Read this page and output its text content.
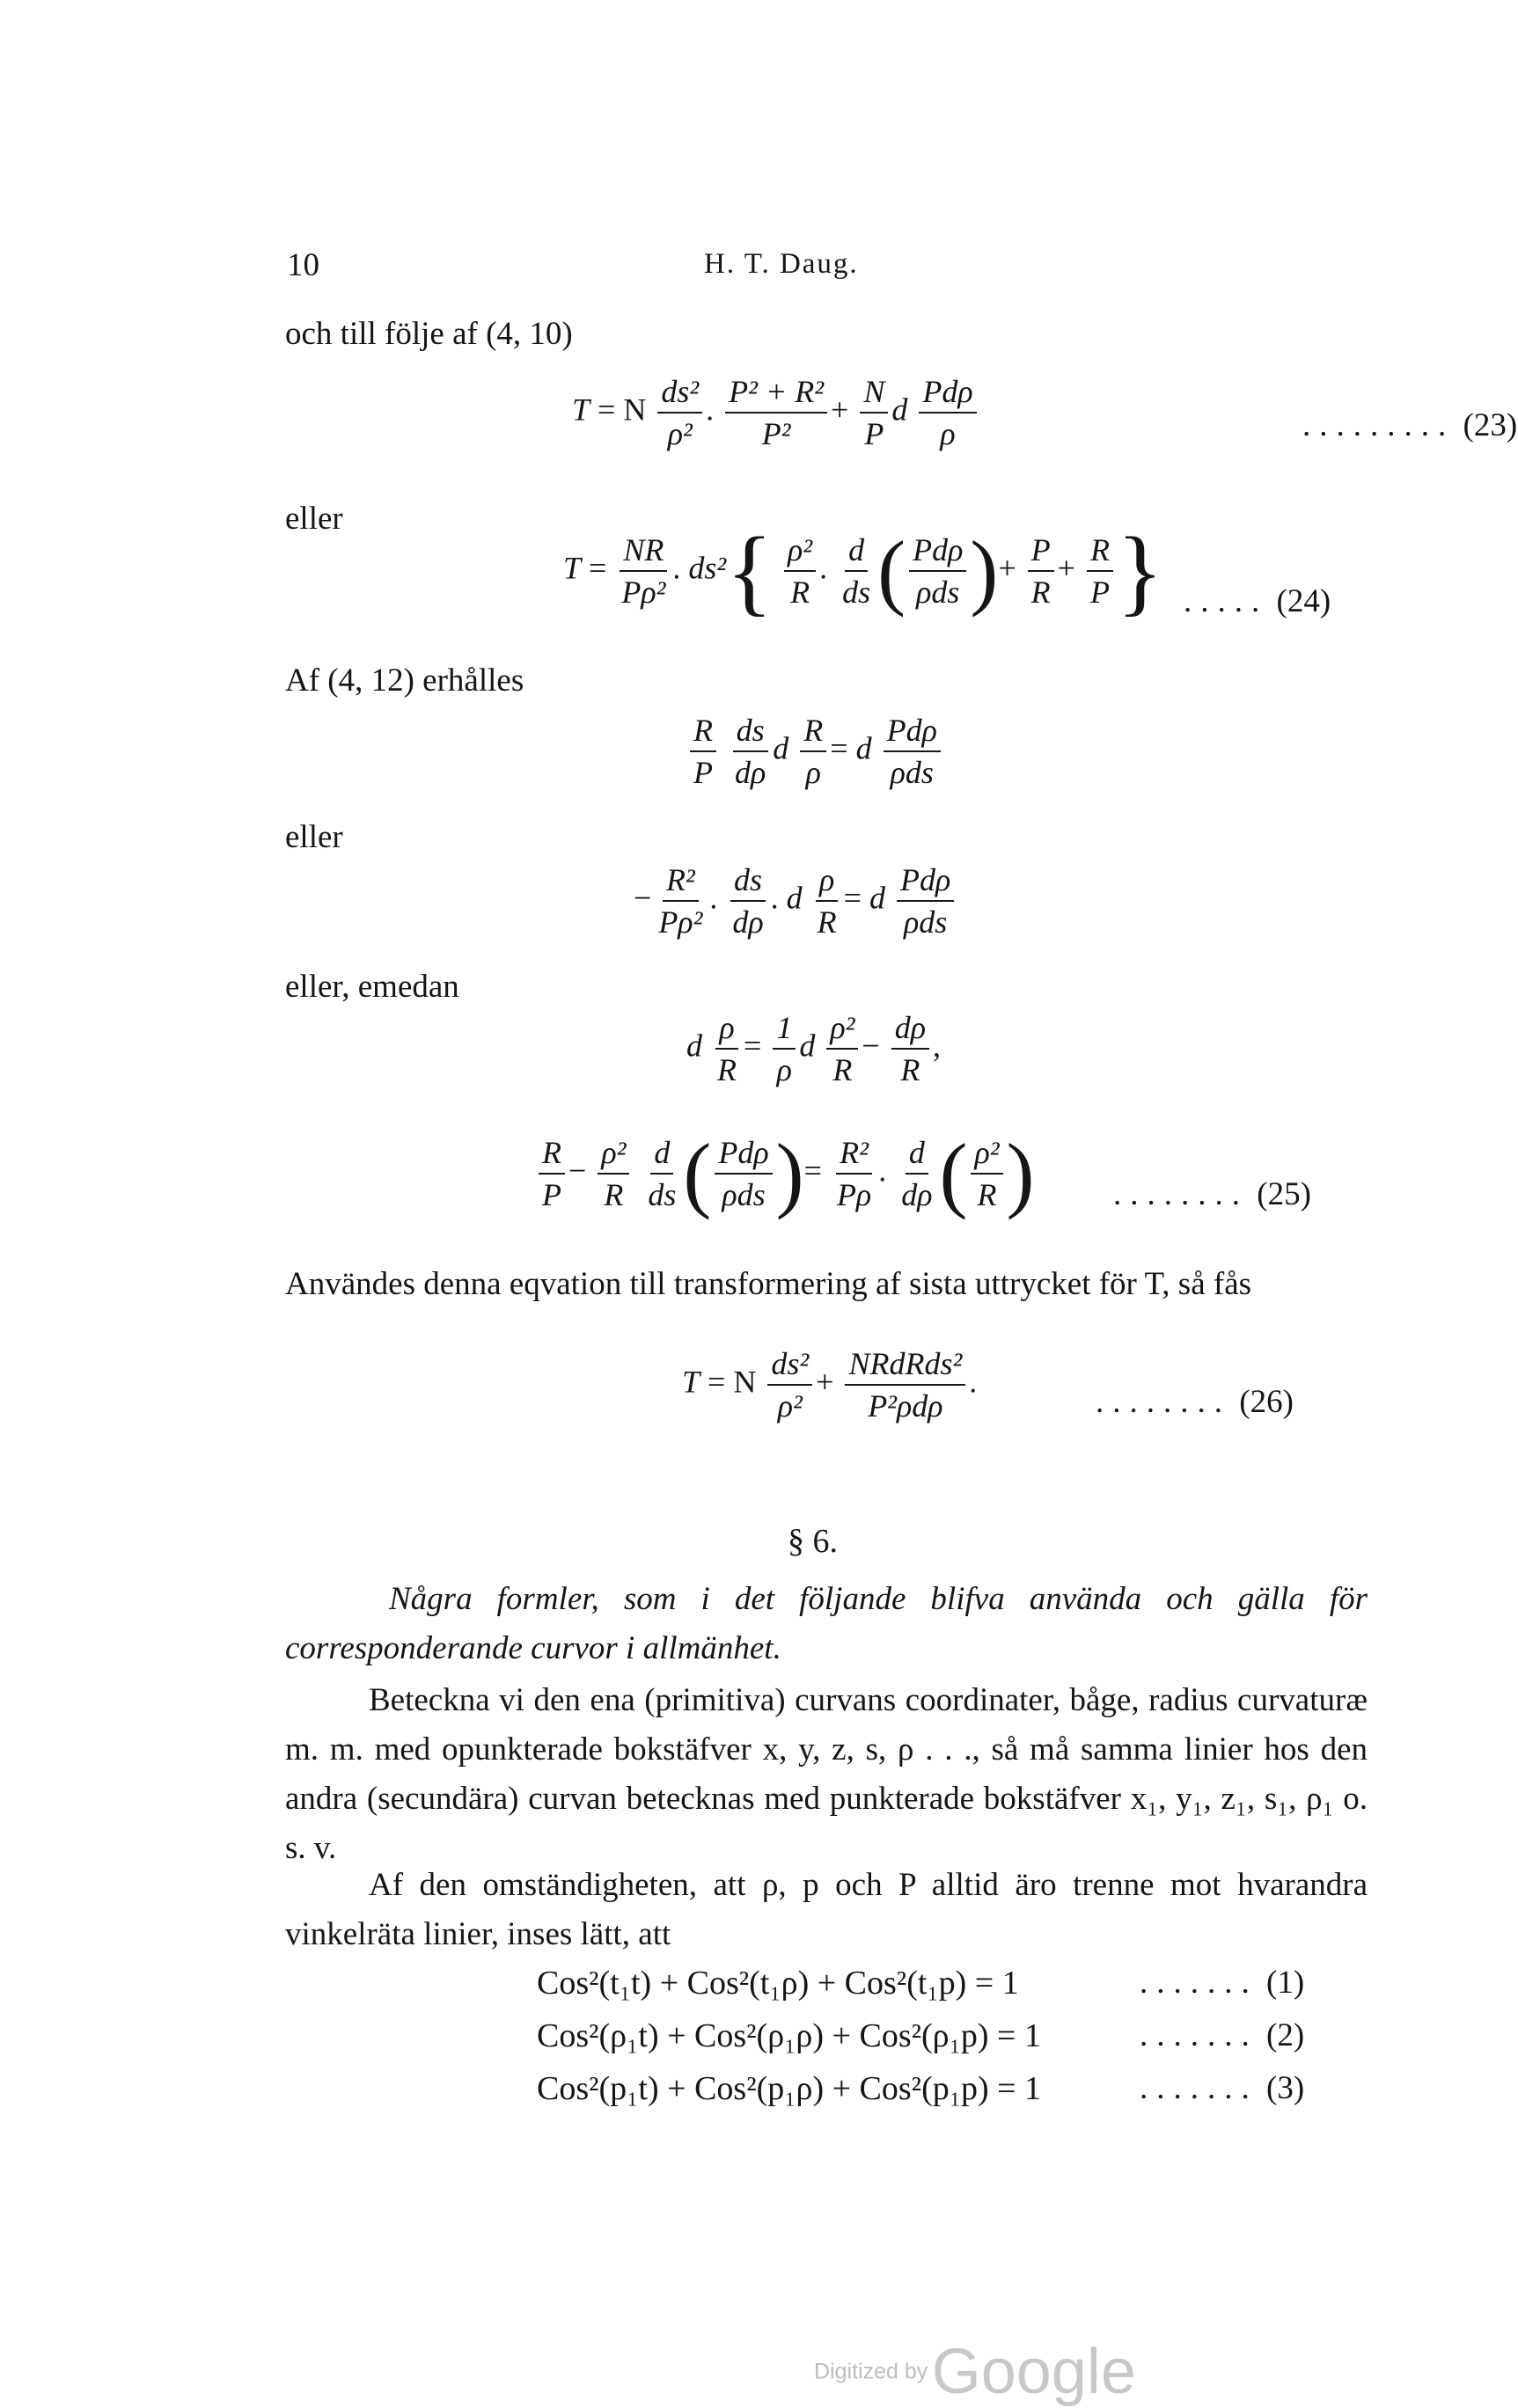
10	H. T. Daug.
och till följe af (4, 10)
T = N $\frac{\text{ds²}}{\text{ρ²}}$ . $\frac{\text{P² + R²}}{\text{P²}} + \frac{N}{P}$ d
Pdρ
ρ	......... (23)
eller
$T = \frac{NR}{\text{Pρ²}}$ . $ds^2\{ \frac{\text{ρ²}}{R}$ . $\frac{d}{ds}$ ( Pdρ
ρds )+ $\frac{P}{R} + \frac{R}{P}$ } ..... (24)
Af (4, 12) erhålles
$\frac{R}{P}$
$\frac{ds}{d\rho}$ d $\frac{R}{\rho} = d$
Pdρ
ρds
eller
− $\frac{\text{R²}}{\text{Pρ²}}$ . $\frac{ds}{d\rho}$ . d $\frac{\rho}{R} = d$
Pdρ
ρds
eller, emedan
d $\frac{\rho}{R} = \frac{1}{\rho}$ d $\frac{\text{ρ²}}{R} - \frac{d\rho}{R}$ ,
$\frac{R}{P} - \frac{\text{ρ²}}{R}$
$\frac{d}{ds}$ ( Pdρ
ρds )= $\frac{\text{R²}}{P\rho}$ . $\frac{d}{d\rho}$ ( $\frac{\text{ρ²}}{R}$ ) ........ (25)
Användes denna eqvation till transformering af sista uttrycket för T, så fås
T = N $\frac{\text{ds²}}{\text{ρ²}}$ +
NRdRds²
P²ρdρ
.
........ (26)
§ 6.
Några formler, som i det följande blifva använda och gälla för corresponderande curvor i allmänhet.
Beteckna vi den ena (primitiva) curvans coordinater, båge, radius curvaturæ m. m. med opunkterade bokstäfver x, y, z, s, ρ . . ., så må samma linier hos den andra (secundära) curvan betecknas med punkterade bokstäfver x₁, y₁, z₁, s₁, ρ₁ o. s. v.
Af den omständigheten, att ρ, p och P alltid äro trenne mot hvarandra vinkelräta linier, inses lätt, att
Cos²(t₁t) + Cos²(t₁ρ) + Cos²(t₁p) = 1	....... (1)
Cos²(ρ₁t) + Cos²(ρ₁ρ) + Cos²(ρ₁p) = 1	....... (2)
Cos²(p₁t) + Cos²(p₁ρ) + Cos²(p₁p) = 1	....... (3)
Digitized by Google
